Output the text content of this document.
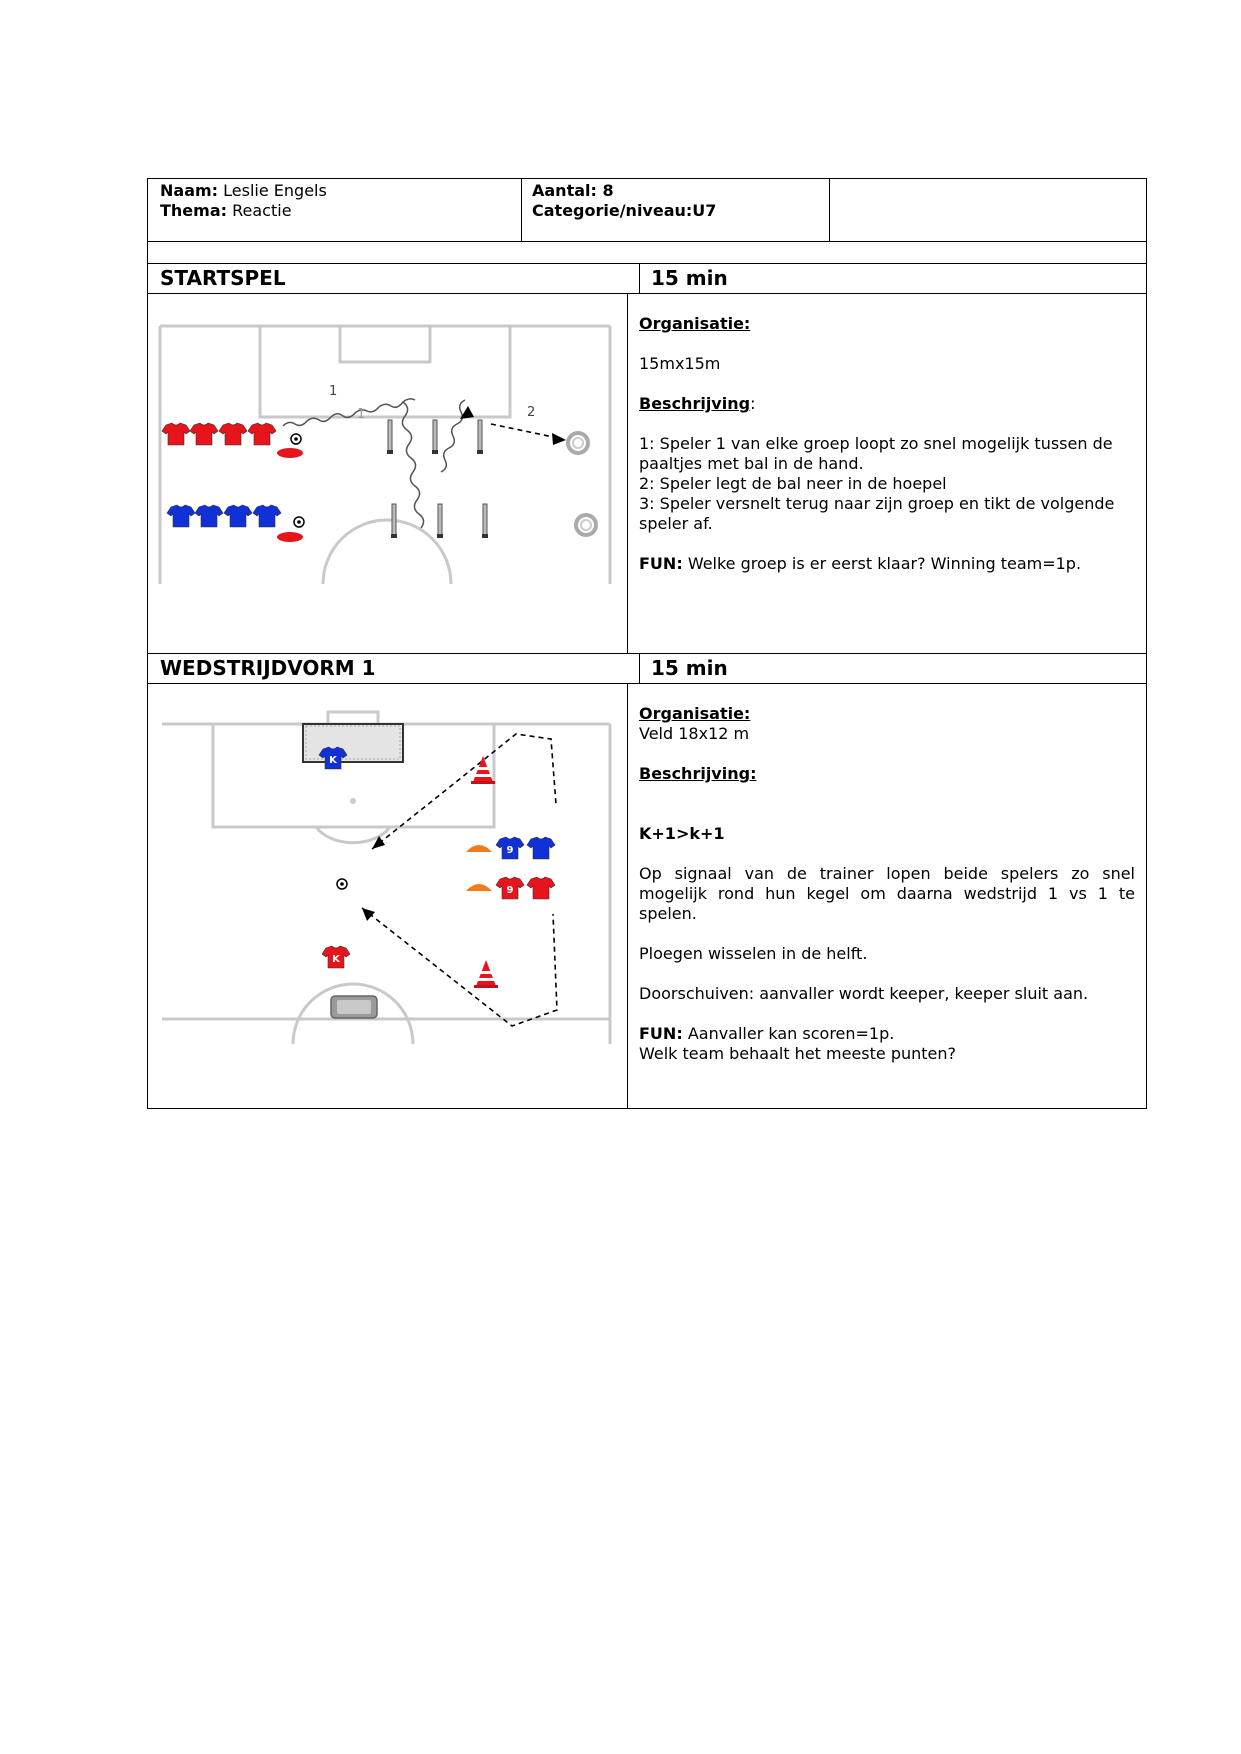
Naam: Leslie Engels
Thema: Reactie
Aantal: 8
Categorie/niveau:U7
STARTSPEL	15 min
1
1	2

Organisatie:

15mx15m

Beschrijving:

1: Speler 1 van elke groep loopt zo snel mogelijk tussen de paaltjes met bal in de hand.

2: Speler legt de bal neer in de hoepel

3: Speler versnelt terug naar zijn groep en tikt de volgende speler af.

FUN: Welke groep is er eerst klaar? Winning team=1p.

WEDSTRIJDVORM 1	15 min
K
9
9
K

Organisatie:

Veld 18x12 m

Beschrijving:

K+1>k+1

Op signaal van de trainer lopen beide spelers zo snel mogelijk rond hun kegel om daarna wedstrijd 1 vs 1 te spelen.

Ploegen wisselen in de helft.

Doorschuiven: aanvaller wordt keeper, keeper sluit aan.

FUN: Aanvaller kan scoren=1p.

Welk team behaalt het meeste punten?
